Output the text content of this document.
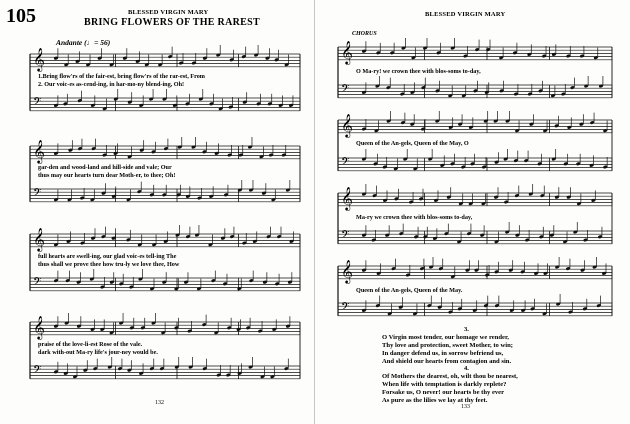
𝄞
𝄢
𝄞
𝄢
𝄞
𝄢
𝄞
𝄢
𝄞
𝄢
𝄞
𝄢
𝄞
𝄢
𝄞
𝄢
105	BLESSED VIRGIN MARY
BRING FLOWERS OF THE RAREST
Andante (♩= 56)
1.Bring flow'rs of the fair-est, bring flow'rs of the rar-est, From
2. Our voic-es as-cend-ing, in har-mo-ny blend-ing, Oh!
gar-den and wood-land and hill-side and vale; Our
thus may our hearts turn dear Moth-er, to thee; Oh!
full hearts are swell-ing, our glad voic-es tell-ing The
thus shall we prove thee how tru-ly we love thee, How
praise of the love-li-est Rose of the vale.
dark with-out Ma-ry life's jour-ney would be.
132
BLESSED VIRGIN MARY
CHORUS
O Ma-ry! we crown thee with blos-soms to-day,
Queen of the An-gels, Queen of the May, O
Ma-ry we crown thee with blos-soms to-day,
Queen of the An-gels, Queen of the May.
3.
O Virgin most tender, our homage we render,
Thy love and protection, sweet Mother, to win;
In danger defend us, in sorrow befriend us,
And shield our hearts from contagion and sin.
4.
Of Mothers the dearest, oh, wilt thou be nearest,
When life with temptation is darkly replete?
Forsake us, O never! our hearts be thy ever
As pure as the lilies we lay at thy feet.
133
